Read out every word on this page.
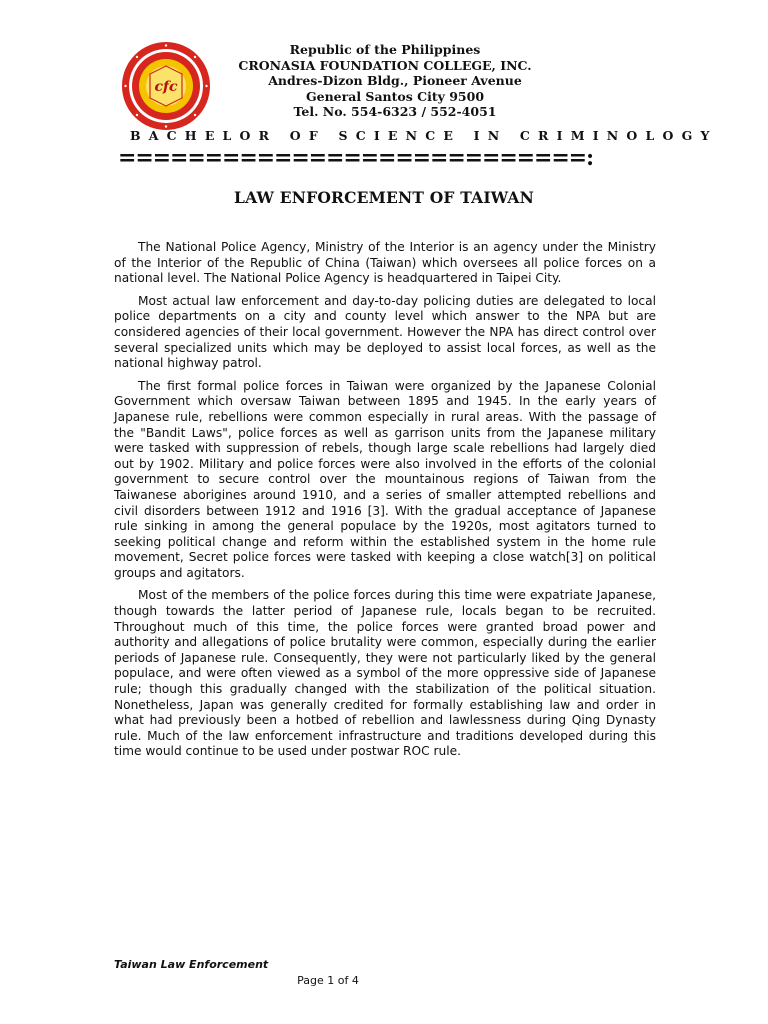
cfc
Republic of the Philippines
CRONASIA FOUNDATION COLLEGE, INC.
Andres-Dizon Bldg., Pioneer Avenue
General Santos City 9500
Tel. No. 554-6323 / 552-4051
BACHELOR OF SCIENCE IN CRIMINOLOGY
===========================:
LAW ENFORCEMENT OF TAIWAN

The National Police Agency, Ministry of the Interior is an agency under the Ministry of the Interior of the Republic of China (Taiwan) which oversees all police forces on a national level. The National Police Agency is headquartered in Taipei City.

Most actual law enforcement and day-to-day policing duties are delegated to local police departments on a city and county level which answer to the NPA but are considered agencies of their local government. However the NPA has direct control over several specialized units which may be deployed to assist local forces, as well as the national highway patrol.

The first formal police forces in Taiwan were organized by the Japanese Colonial Government which oversaw Taiwan between 1895 and 1945. In the early years of Japanese rule, rebellions were common especially in rural areas. With the passage of the "Bandit Laws", police forces as well as garrison units from the Japanese military were tasked with suppression of rebels, though large scale rebellions had largely died out by 1902. Military and police forces were also involved in the efforts of the colonial government to secure control over the mountainous regions of Taiwan from the Taiwanese aborigines around 1910, and a series of smaller attempted rebellions and civil disorders between 1912 and 1916 [3]. With the gradual acceptance of Japanese rule sinking in among the general populace by the 1920s, most agitators turned to seeking political change and reform within the established system in the home rule movement, Secret police forces were tasked with keeping a close watch[3] on political groups and agitators.

Most of the members of the police forces during this time were expatriate Japanese, though towards the latter period of Japanese rule, locals began to be recruited. Throughout much of this time, the police forces were granted broad power and authority and allegations of police brutality were common, especially during the earlier periods of Japanese rule. Consequently, they were not particularly liked by the general populace, and were often viewed as a symbol of the more oppressive side of Japanese rule; though this gradually changed with the stabilization of the political situation. Nonetheless, Japan was generally credited for formally establishing law and order in what had previously been a hotbed of rebellion and lawlessness during Qing Dynasty rule. Much of the law enforcement infrastructure and traditions developed during this time would continue to be used under postwar ROC rule.

Taiwan Law Enforcement
Page 1 of 4
